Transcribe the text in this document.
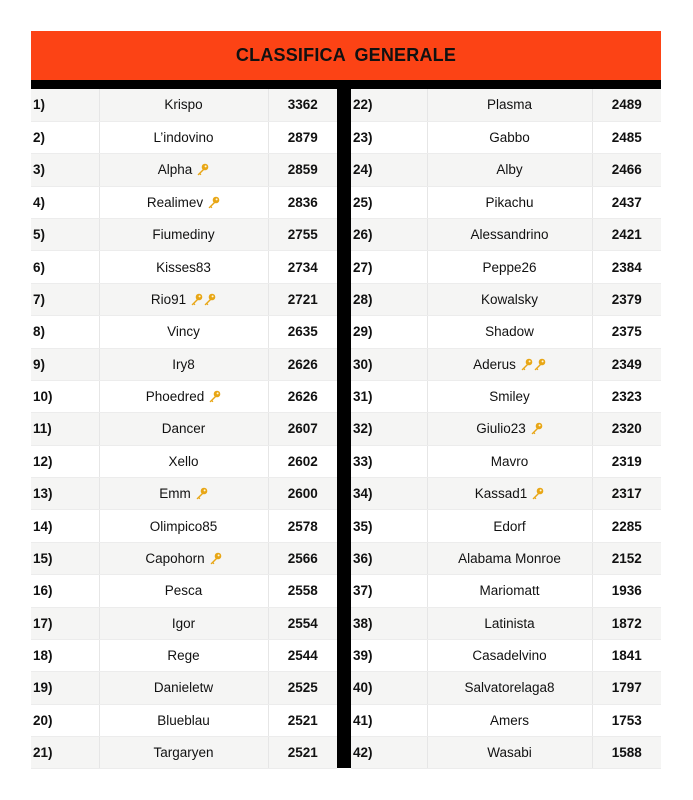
CLASSIFICA GENERALE
1)	Krispo	3362
2)	L’indovino	2879
3)	Alpha	2859
4)	Realimev	2836
5)	Fiumediny	2755
6)	Kisses83	2734
7)	Rio91	2721
8)	Vincy	2635
9)	Iry8	2626
10)	Phoedred	2626
11)	Dancer	2607
12)	Xello	2602
13)	Emm	2600
14)	Olimpico85	2578
15)	Capohorn	2566
16)	Pesca	2558
17)	Igor	2554
18)	Rege	2544
19)	Danieletw	2525
20)	Blueblau	2521
21)	Targaryen	2521
22)	Plasma	2489
23)	Gabbo	2485
24)	Alby	2466
25)	Pikachu	2437
26)	Alessandrino	2421
27)	Peppe26	2384
28)	Kowalsky	2379
29)	Shadow	2375
30)	Aderus	2349
31)	Smiley	2323
32)	Giulio23	2320
33)	Mavro	2319
34)	Kassad1	2317
35)	Edorf	2285
36)	Alabama Monroe	2152
37)	Mariomatt	1936
38)	Latinista	1872
39)	Casadelvino	1841
40)	Salvatorelaga8	1797
41)	Amers	1753
42)	Wasabi	1588
